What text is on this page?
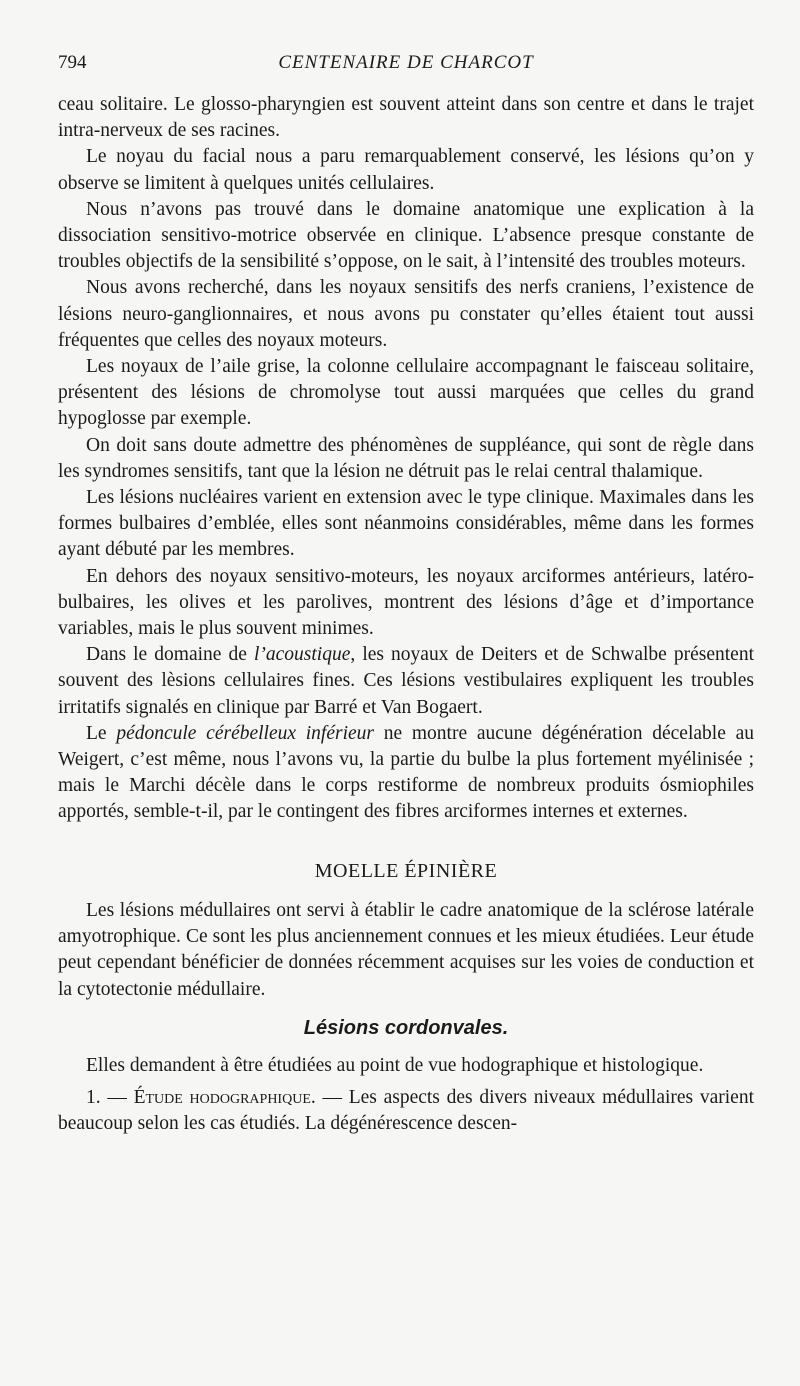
794	CENTENAIRE DE CHARCOT

ceau solitaire. Le glosso-pharyngien est souvent atteint dans son centre et dans le trajet intra-nerveux de ses racines.

Le noyau du facial nous a paru remarquablement conservé, les lésions qu’on y observe se limitent à quelques unités cellulaires.

Nous n’avons pas trouvé dans le domaine anatomique une explication à la dissociation sensitivo-motrice observée en clinique. L’absence presque constante de troubles objectifs de la sensibilité s’oppose, on le sait, à l’intensité des troubles moteurs.

Nous avons recherché, dans les noyaux sensitifs des nerfs craniens, l’existence de lésions neuro-ganglionnaires, et nous avons pu constater qu’elles étaient tout aussi fréquentes que celles des noyaux moteurs.

Les noyaux de l’aile grise, la colonne cellulaire accompagnant le faisceau solitaire, présentent des lésions de chromolyse tout aussi marquées que celles du grand hypoglosse par exemple.

On doit sans doute admettre des phénomènes de suppléance, qui sont de règle dans les syndromes sensitifs, tant que la lésion ne détruit pas le relai central thalamique.

Les lésions nucléaires varient en extension avec le type clinique. Maximales dans les formes bulbaires d’emblée, elles sont néanmoins considérables, même dans les formes ayant débuté par les membres.

En dehors des noyaux sensitivo-moteurs, les noyaux arciformes antérieurs, latéro-bulbaires, les olives et les parolives, montrent des lésions d’âge et d’importance variables, mais le plus souvent minimes.

Dans le domaine de l’acoustique, les noyaux de Deiters et de Schwalbe présentent souvent des lèsions cellulaires fines. Ces lésions vestibulaires expliquent les troubles irritatifs signalés en clinique par Barré et Van Bogaert.

Le pédoncule cérébelleux inférieur ne montre aucune dégénération décelable au Weigert, c’est même, nous l’avons vu, la partie du bulbe la plus fortement myélinisée ; mais le Marchi décèle dans le corps restiforme de nombreux produits ósmiophiles apportés, semble-t-il, par le contingent des fibres arciformes internes et externes.

MOELLE ÉPINIÈRE

Les lésions médullaires ont servi à établir le cadre anatomique de la sclérose latérale amyotrophique. Ce sont les plus anciennement connues et les mieux étudiées. Leur étude peut cependant bénéficier de données récemment acquises sur les voies de conduction et la cytotectonie médullaire.

Lésions cordonvales.

Elles demandent à être étudiées au point de vue hodographique et histologique.

1. — Étude hodographique. — Les aspects des divers niveaux médullaires varient beaucoup selon les cas étudiés. La dégénérescence descen-
